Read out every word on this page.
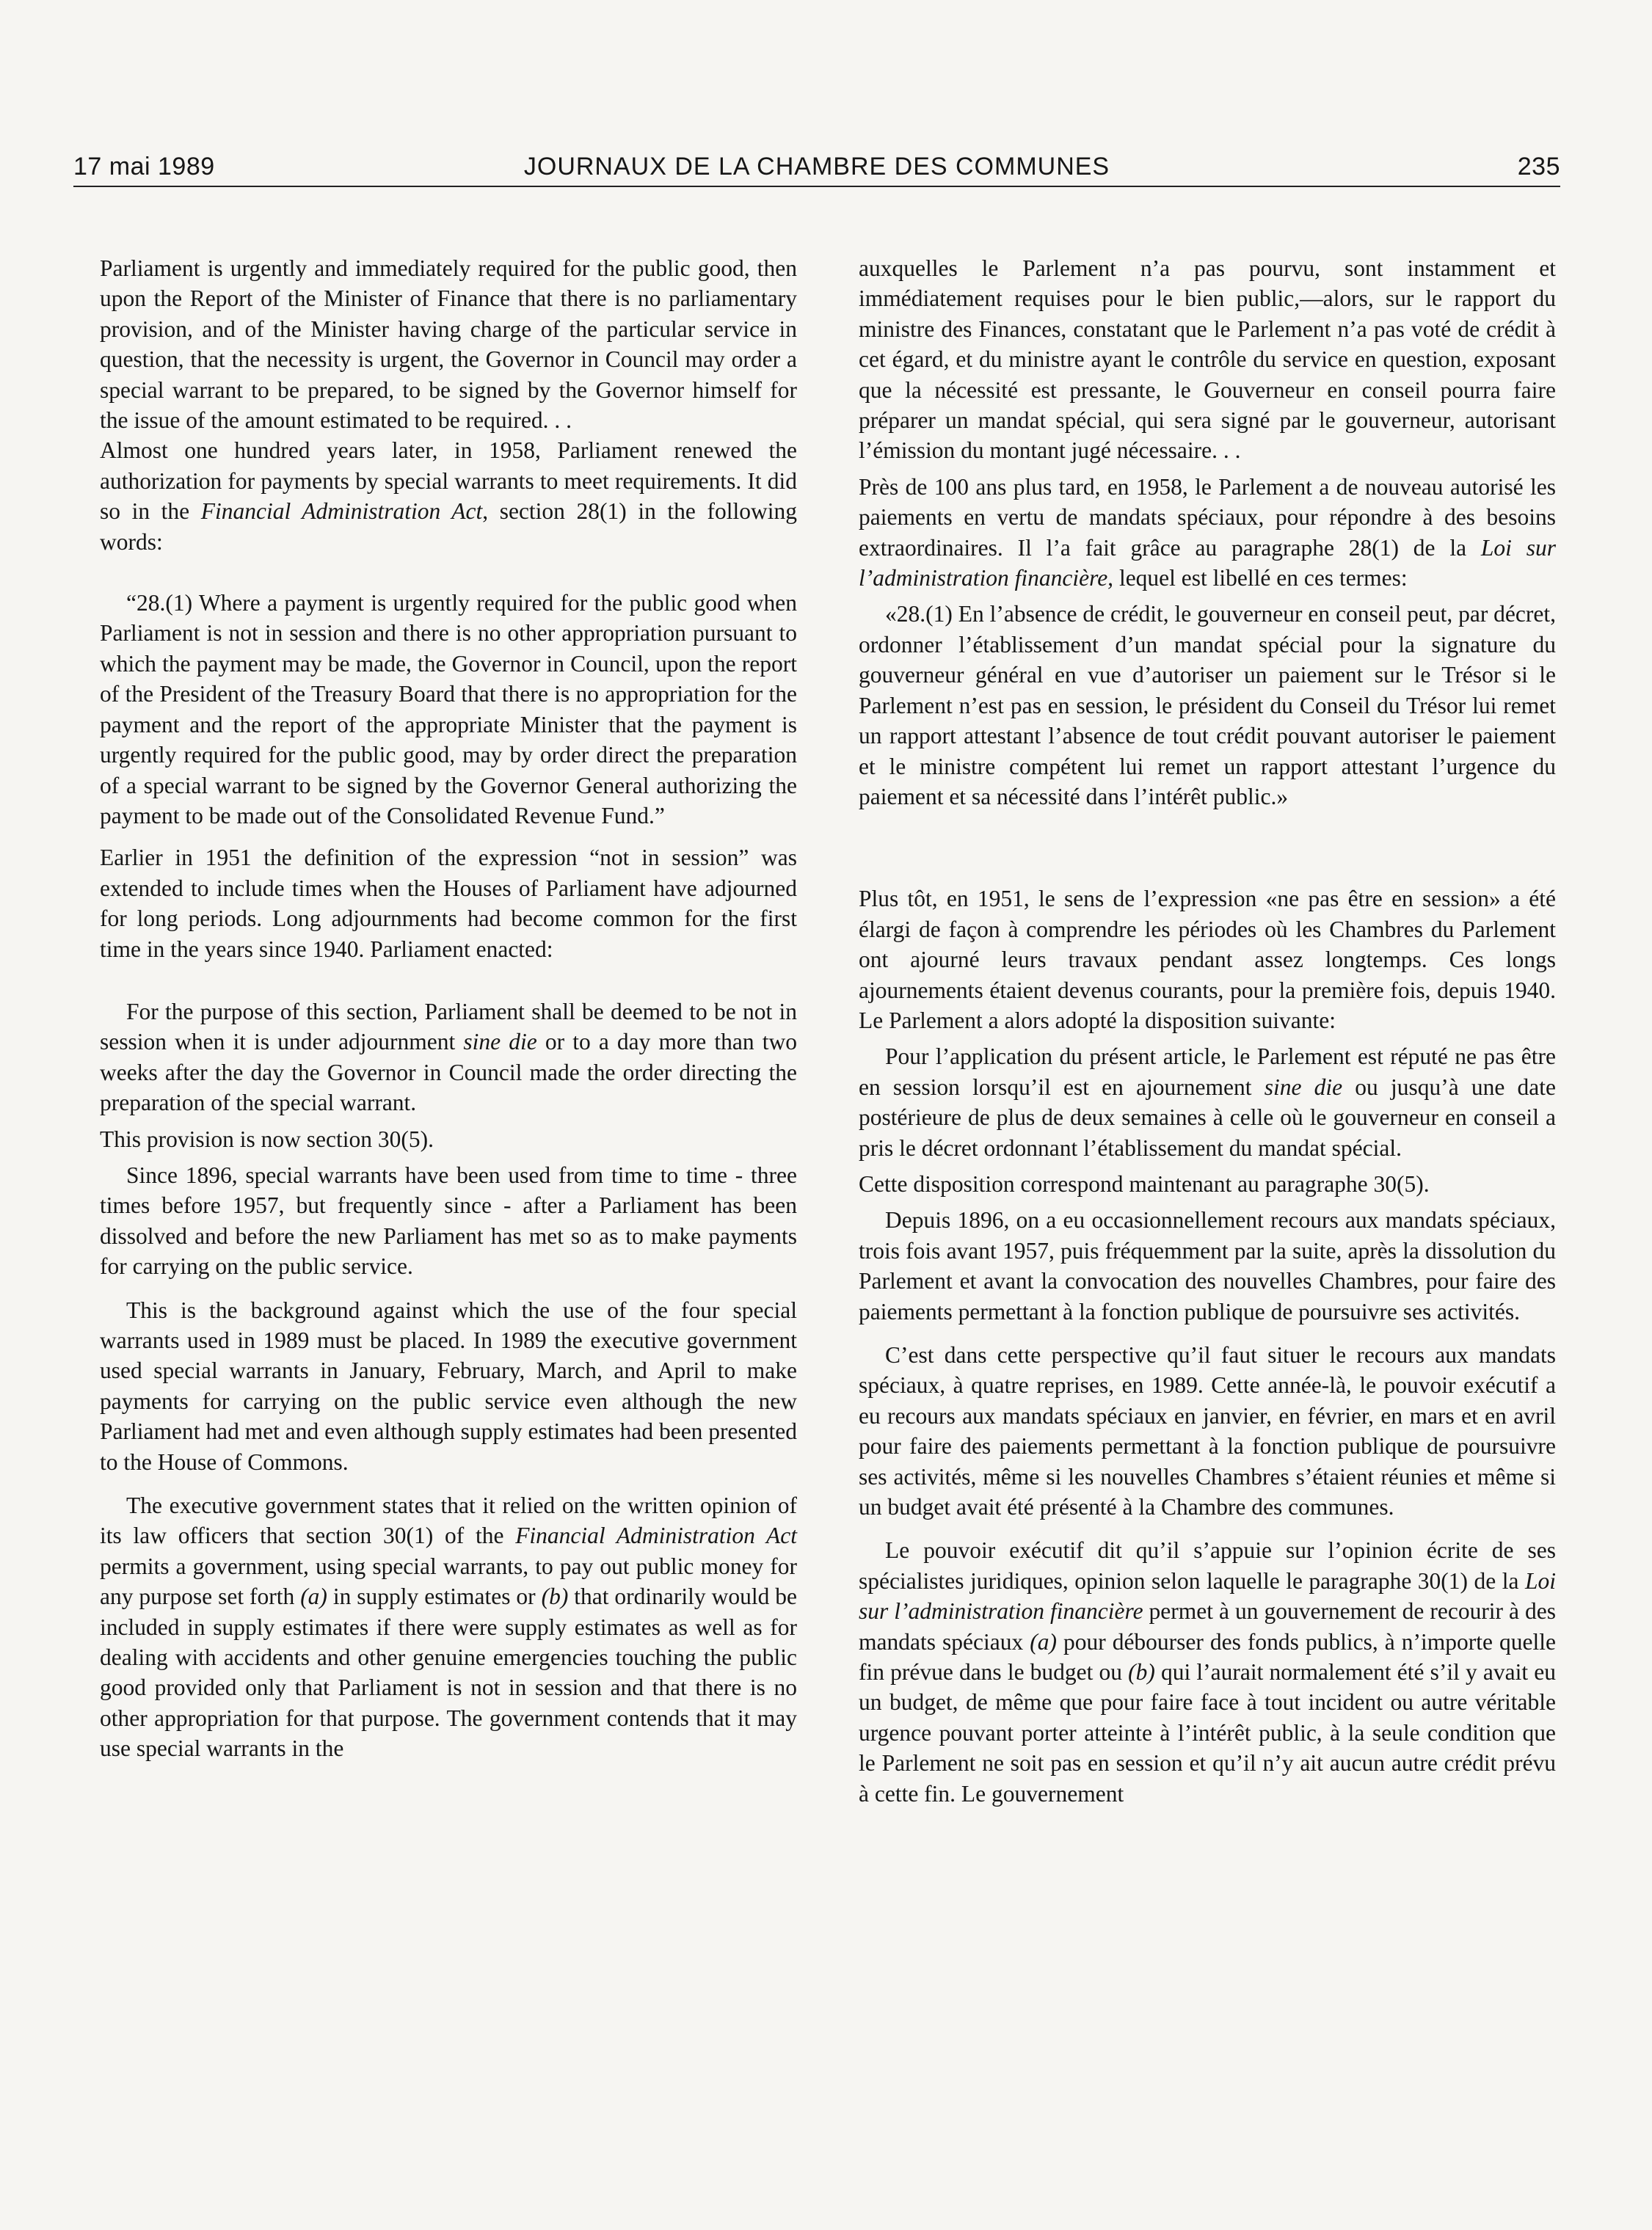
17 mai 1989	JOURNAUX DE LA CHAMBRE DES COMMUNES	235

Parliament is urgently and immediately required for the public good, then upon the Report of the Minister of Finance that there is no parliamentary provision, and of the Minister having charge of the particular service in question, that the necessity is urgent, the Governor in Council may order a special warrant to be prepared, to be signed by the Governor himself for the issue of the amount estimated to be required. . .

Almost one hundred years later, in 1958, Parliament renewed the authorization for payments by special warrants to meet requirements. It did so in the Financial Administration Act, section 28(1) in the following words:

“28.(1) Where a payment is urgently required for the public good when Parliament is not in session and there is no other appropriation pursuant to which the payment may be made, the Governor in Council, upon the report of the President of the Treasury Board that there is no appropriation for the payment and the report of the appropriate Minister that the payment is urgently required for the public good, may by order direct the preparation of a special warrant to be signed by the Governor General authorizing the payment to be made out of the Consolidated Revenue Fund.”

Earlier in 1951 the definition of the expression “not in session” was extended to include times when the Houses of Parliament have adjourned for long periods. Long adjournments had become common for the first time in the years since 1940. Parliament enacted:

For the purpose of this section, Parliament shall be deemed to be not in session when it is under adjournment sine die or to a day more than two weeks after the day the Governor in Council made the order directing the preparation of the special warrant.

This provision is now section 30(5).

Since 1896, special warrants have been used from time to time - three times before 1957, but frequently since - after a Parliament has been dissolved and before the new Parliament has met so as to make payments for carrying on the public service.

This is the background against which the use of the four special warrants used in 1989 must be placed. In 1989 the executive government used special warrants in January, February, March, and April to make payments for carrying on the public service even although the new Parliament had met and even although supply estimates had been presented to the House of Commons.

The executive government states that it relied on the written opinion of its law officers that section 30(1) of the Financial Administration Act permits a government, using special warrants, to pay out public money for any purpose set forth (a) in supply estimates or (b) that ordinarily would be included in supply estimates if there were supply estimates as well as for dealing with accidents and other genuine emergencies touching the public good provided only that Parliament is not in session and that there is no other appropriation for that purpose. The government contends that it may use special warrants in the

auxquelles le Parlement n’a pas pourvu, sont instamment et immédiatement requises pour le bien public,—alors, sur le rapport du ministre des Finances, constatant que le Parlement n’a pas voté de crédit à cet égard, et du ministre ayant le contrôle du service en question, exposant que la nécessité est pressante, le Gouverneur en conseil pourra faire préparer un mandat spécial, qui sera signé par le gouverneur, autorisant l’émission du montant jugé nécessaire. . .

Près de 100 ans plus tard, en 1958, le Parlement a de nouveau autorisé les paiements en vertu de mandats spéciaux, pour répondre à des besoins extraordinaires. Il l’a fait grâce au paragraphe 28(1) de la Loi sur l’administration financière, lequel est libellé en ces termes:

«28.(1) En l’absence de crédit, le gouverneur en conseil peut, par décret, ordonner l’établissement d’un mandat spécial pour la signature du gouverneur général en vue d’autoriser un paiement sur le Trésor si le Parlement n’est pas en session, le président du Conseil du Trésor lui remet un rapport attestant l’absence de tout crédit pouvant autoriser le paiement et le ministre compétent lui remet un rapport attestant l’urgence du paiement et sa nécessité dans l’intérêt public.»

Plus tôt, en 1951, le sens de l’expression «ne pas être en session» a été élargi de façon à comprendre les périodes où les Chambres du Parlement ont ajourné leurs travaux pendant assez longtemps. Ces longs ajournements étaient devenus courants, pour la première fois, depuis 1940. Le Parlement a alors adopté la disposition suivante:

Pour l’application du présent article, le Parlement est réputé ne pas être en session lorsqu’il est en ajournement sine die ou jusqu’à une date postérieure de plus de deux semaines à celle où le gouverneur en conseil a pris le décret ordonnant l’établissement du mandat spécial.

Cette disposition correspond maintenant au paragraphe 30(5).

Depuis 1896, on a eu occasionnellement recours aux mandats spéciaux, trois fois avant 1957, puis fréquemment par la suite, après la dissolution du Parlement et avant la convocation des nouvelles Chambres, pour faire des paiements permettant à la fonction publique de poursuivre ses activités.

C’est dans cette perspective qu’il faut situer le recours aux mandats spéciaux, à quatre reprises, en 1989. Cette année-là, le pouvoir exécutif a eu recours aux mandats spéciaux en janvier, en février, en mars et en avril pour faire des paiements permettant à la fonction publique de poursuivre ses activités, même si les nouvelles Chambres s’étaient réunies et même si un budget avait été présenté à la Chambre des communes.

Le pouvoir exécutif dit qu’il s’appuie sur l’opinion écrite de ses spécialistes juridiques, opinion selon laquelle le paragraphe 30(1) de la Loi sur l’administration financière permet à un gouvernement de recourir à des mandats spéciaux (a) pour débourser des fonds publics, à n’importe quelle fin prévue dans le budget ou (b) qui l’aurait normalement été s’il y avait eu un budget, de même que pour faire face à tout incident ou autre véritable urgence pouvant porter atteinte à l’intérêt public, à la seule condition que le Parlement ne soit pas en session et qu’il n’y ait aucun autre crédit prévu à cette fin. Le gouvernement
